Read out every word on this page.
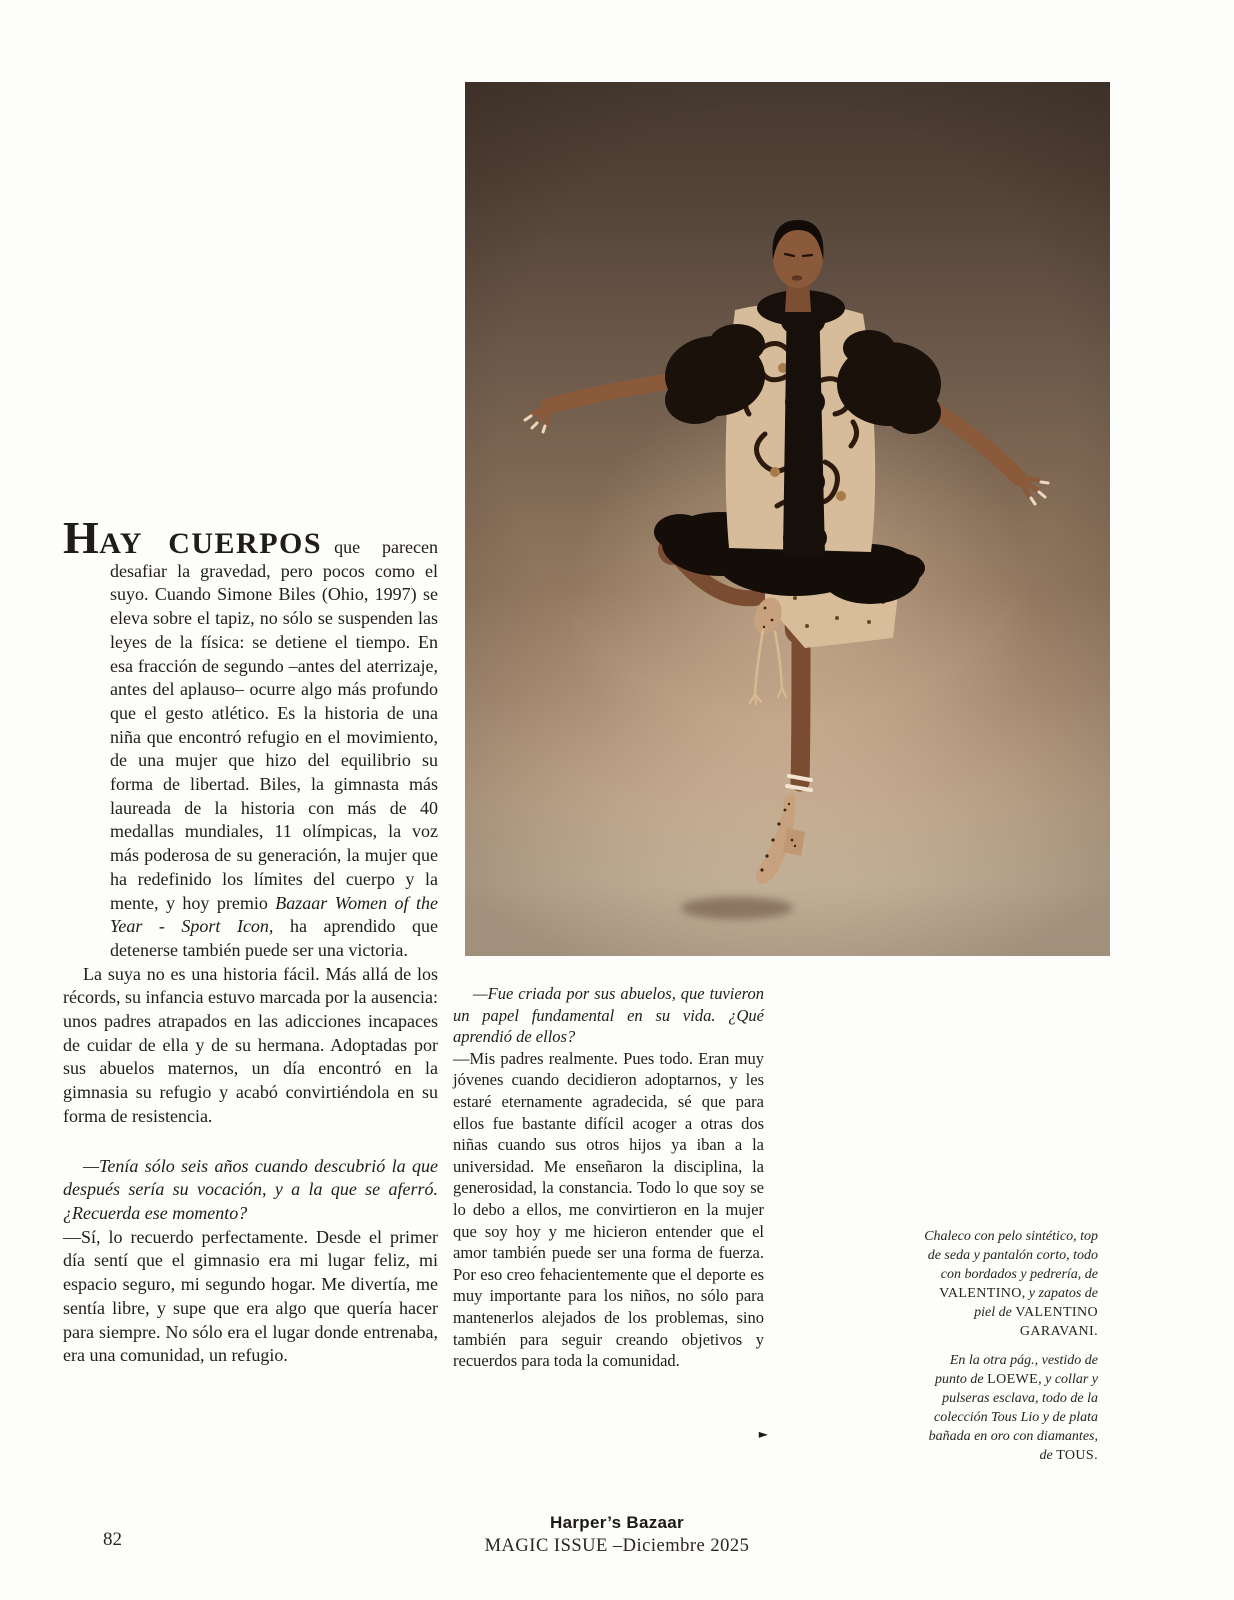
HAY CUERPOS que parecen desafiar la gravedad, pero pocos como el suyo. Cuando Simone Biles (Ohio, 1997) se eleva sobre el tapiz, no sólo se suspenden las leyes de la física: se detiene el tiempo. En esa fracción de segundo –antes del aterrizaje, antes del aplauso– ocurre algo más profundo que el gesto atlético. Es la historia de una niña que encontró refugio en el movimiento, de una mujer que hizo del equilibrio su forma de libertad. Biles, la gimnasta más laureada de la historia con más de 40 medallas mundiales, 11 olímpicas, la voz más poderosa de su generación, la mujer que ha redefinido los límites del cuerpo y la mente, y hoy premio Bazaar Women of the Year - Sport Icon, ha aprendido que detenerse también puede ser una victoria.

La suya no es una historia fácil. Más allá de los récords, su infancia estuvo marcada por la ausencia: unos padres atrapados en las adicciones incapaces de cuidar de ella y de su hermana. Adoptadas por sus abuelos maternos, un día encontró en la gimnasia su refugio y acabó convirtiéndola en su forma de resistencia.

—Tenía sólo seis años cuando descubrió la que después sería su vocación, y a la que se aferró. ¿Recuerda ese momento?

—Sí, lo recuerdo perfectamente. Desde el primer día sentí que el gimnasio era mi lugar feliz, mi espacio seguro, mi segundo hogar. Me divertía, me sentía libre, y supe que era algo que quería hacer para siempre. No sólo era el lugar donde entrenaba, era una comunidad, un refugio.

—Fue criada por sus abuelos, que tuvieron un papel fundamental en su vida. ¿Qué aprendió de ellos?

—Mis padres realmente. Pues todo. Eran muy jóvenes cuando decidieron adoptarnos, y les estaré eternamente agradecida, sé que para ellos fue bastante difícil acoger a otras dos niñas cuando sus otros hijos ya iban a la universidad. Me enseñaron la disciplina, la generosidad, la constancia. Todo lo que soy se lo debo a ellos, me convirtieron en la mujer que soy hoy y me hicieron entender que el amor también puede ser una forma de fuerza. Por eso creo fehacientemente que el deporte es muy importante para los niños, no sólo para mantenerlos alejados de los problemas, sino también para seguir creando objetivos y recuerdos para toda la comunidad.

►

Chaleco con pelo sintético, top de seda y pantalón corto, todo con bordados y pedrería, de VALENTINO, y zapatos de piel de VALENTINO GARAVANI.

En la otra pág., vestido de punto de LOEWE, y collar y pulseras esclava, todo de la colección Tous Lio y de plata bañada en oro con diamantes, de TOUS.

Harper’s Bazaar
MAGIC ISSUE –Diciembre 2025
82
